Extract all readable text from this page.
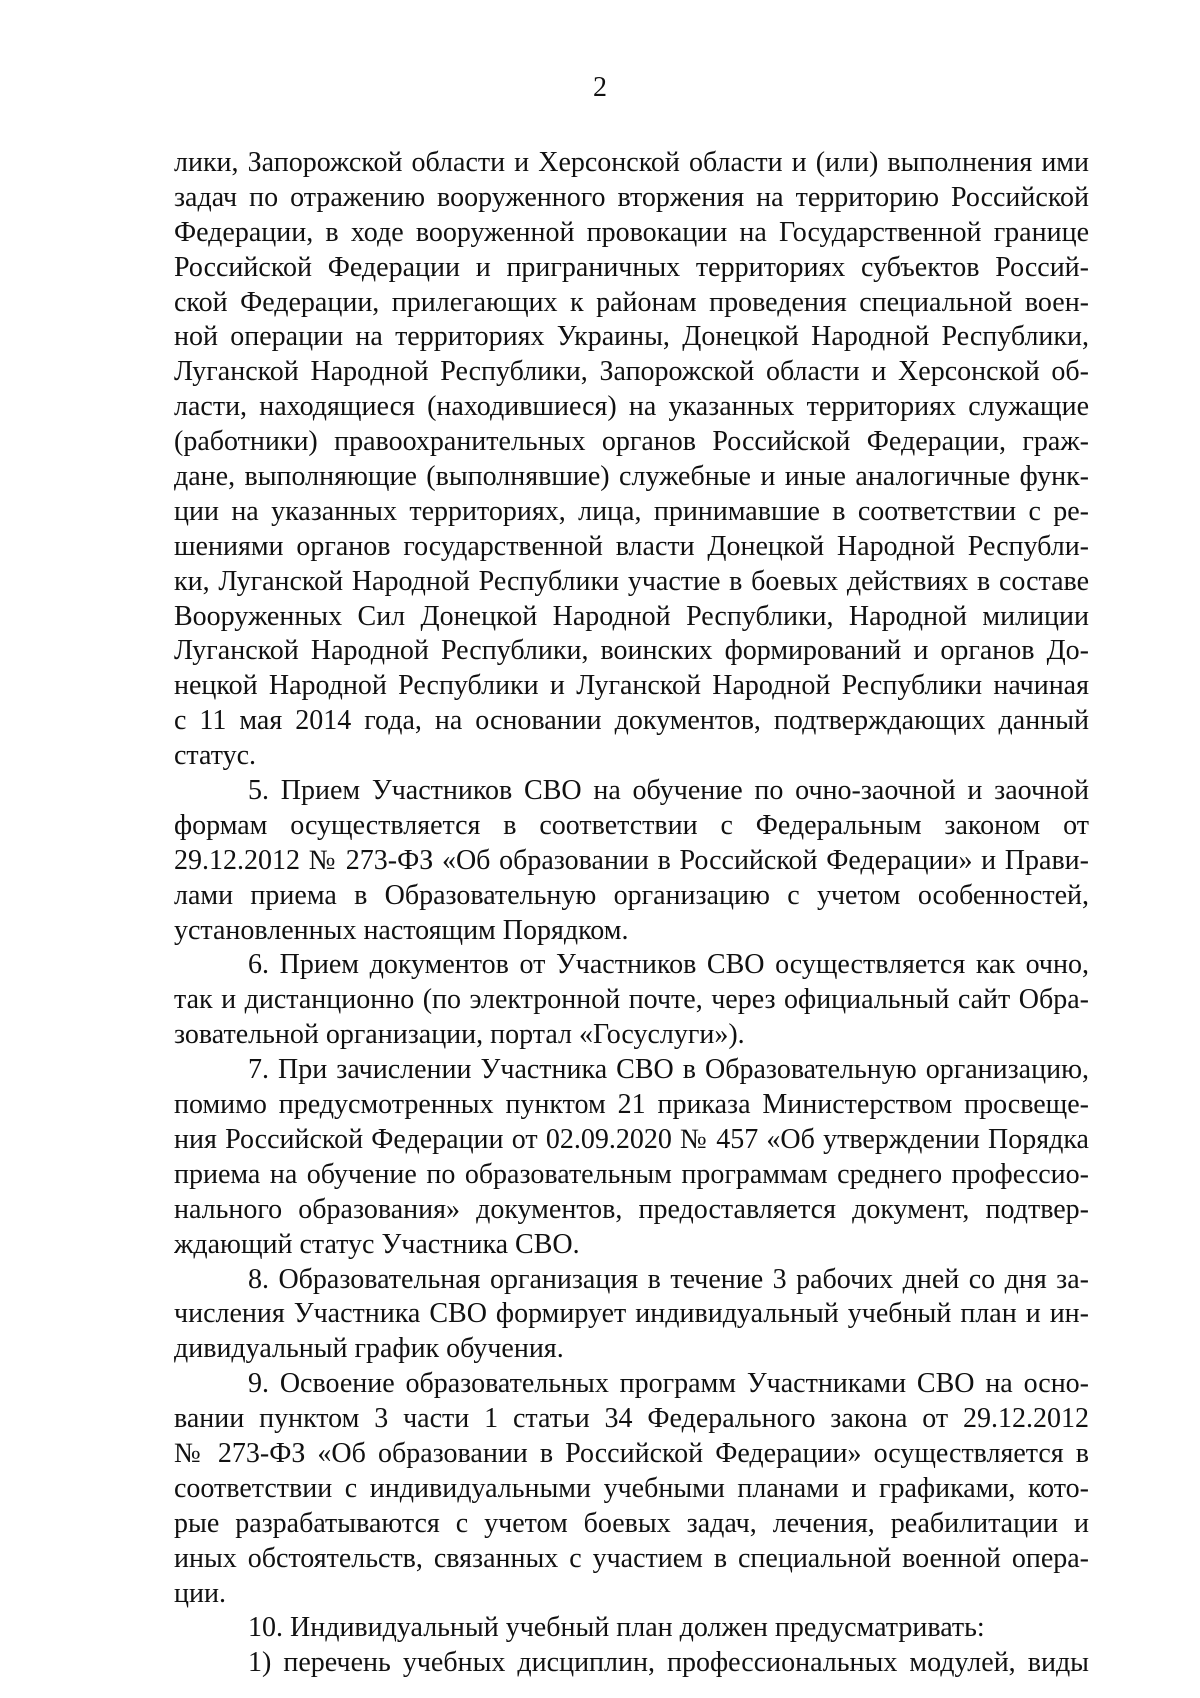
2
лики, Запорожской области и Херсонской области и (или) выполнения ими
задач по отражению вооруженного вторжения на территорию Российской
Федерации, в ходе вооруженной провокации на Государственной границе
Российской Федерации и приграничных территориях субъектов Россий-
ской Федерации, прилегающих к районам проведения специальной воен-
ной операции на территориях Украины, Донецкой Народной Республики,
Луганской Народной Республики, Запорожской области и Херсонской об-
ласти, находящиеся (находившиеся) на указанных территориях служащие
(работники) правоохранительных органов Российской Федерации, граж-
дане, выполняющие (выполнявшие) служебные и иные аналогичные функ-
ции на указанных территориях, лица, принимавшие в соответствии с ре-
шениями органов государственной власти Донецкой Народной Республи-
ки, Луганской Народной Республики участие в боевых действиях в составе
Вооруженных Сил Донецкой Народной Республики, Народной милиции
Луганской Народной Республики, воинских формирований и органов До-
нецкой Народной Республики и Луганской Народной Республики начиная
с 11 мая 2014 года, на основании документов, подтверждающих данный
статус.
5. Прием Участников СВО на обучение по очно-заочной и заочной
формам осуществляется в соответствии с Федеральным законом от
29.12.2012 № 273-ФЗ «Об образовании в Российской Федерации» и Прави-
лами приема в Образовательную организацию с учетом особенностей,
установленных настоящим Порядком.
6. Прием документов от Участников СВО осуществляется как очно,
так и дистанционно (по электронной почте, через официальный сайт Обра-
зовательной организации, портал «Госуслуги»).
7. При зачислении Участника СВО в Образовательную организацию,
помимо предусмотренных пунктом 21 приказа Министерством просвеще-
ния Российской Федерации от 02.09.2020 № 457 «Об утверждении Порядка
приема на обучение по образовательным программам среднего профессио-
нального образования» документов, предоставляется документ, подтвер-
ждающий статус Участника СВО.
8. Образовательная организация в течение 3 рабочих дней со дня за-
числения Участника СВО формирует индивидуальный учебный план и ин-
дивидуальный график обучения.
9. Освоение образовательных программ Участниками СВО на осно-
вании пунктом 3 части 1 статьи 34 Федерального закона от 29.12.2012
№ 273-ФЗ «Об образовании в Российской Федерации» осуществляется в
соответствии с индивидуальными учебными планами и графиками, кото-
рые разрабатываются с учетом боевых задач, лечения, реабилитации и
иных обстоятельств, связанных с участием в специальной военной опера-
ции.
10. Индивидуальный учебный план должен предусматривать:
1) перечень учебных дисциплин, профессиональных модулей, виды
